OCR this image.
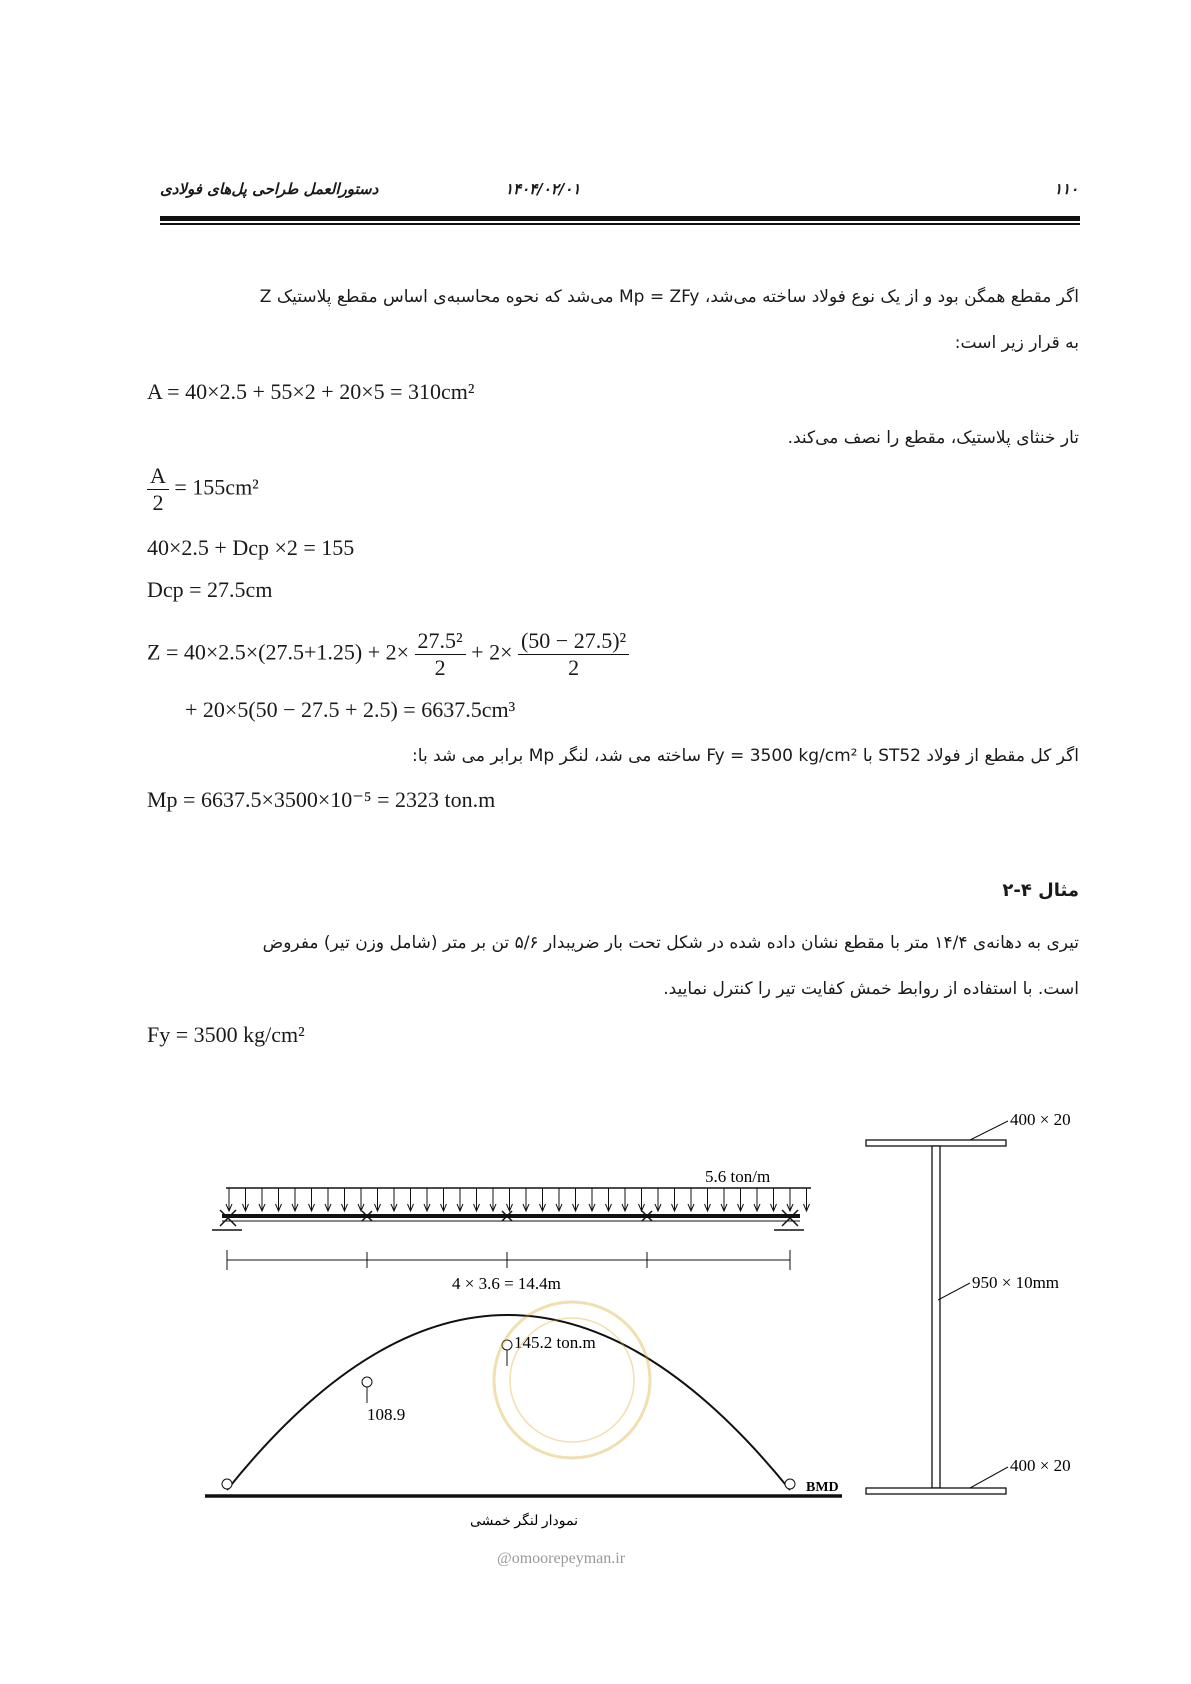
۱۱۰
۱۴۰۴/۰۲/۰۱
دستورالعمل طراحی پل‌های فولادی
اگر مقطع همگن بود و از یک نوع فولاد ساخته می‌شد، Mp = ZFy می‌شد که نحوه محاسبه‌ی اساس مقطع پلاستیک Z
به قرار زیر است:
A = 40×2.5 + 55×2 + 20×5 = 310cm²
تار خنثای پلاستیک، مقطع را نصف می‌کند.
$\frac{A}{2} = 155cm^2$
40×2.5 + Dcp ×2 = 155
Dcp = 27.5cm
$Z = 40\times 2.5\times(27.5+1.25) + 2\times \frac{\text{27.5²}}{2} + 2\times \frac{\text{(50 − 27.5)²}}{2}$
+ 20×5(50 − 27.5 + 2.5) = 6637.5cm³
اگر کل مقطع از فولاد ST52 با Fy = 3500 kg/cm² ساخته می شد، لنگر Mp برابر می شد با:
Mp = 6637.5×3500×10⁻⁵ = 2323 ton.m
مثال ۴-۲
تیری به دهانه‌ی ۱۴/۴ متر با مقطع نشان داده شده در شکل تحت بار ضریبدار ۵/۶ تن بر متر (شامل وزن تیر) مفروض
است. با استفاده از روابط خمش کفایت تیر را کنترل نمایید.
Fy = 3500 kg/cm²
5.6 ton/m
4 × 3.6 = 14.4m
145.2 ton.m
108.9
BMD
نمودار لنگر خمشی
@omoorepeyman.ir
400 × 20
950 × 10mm
400 × 20
